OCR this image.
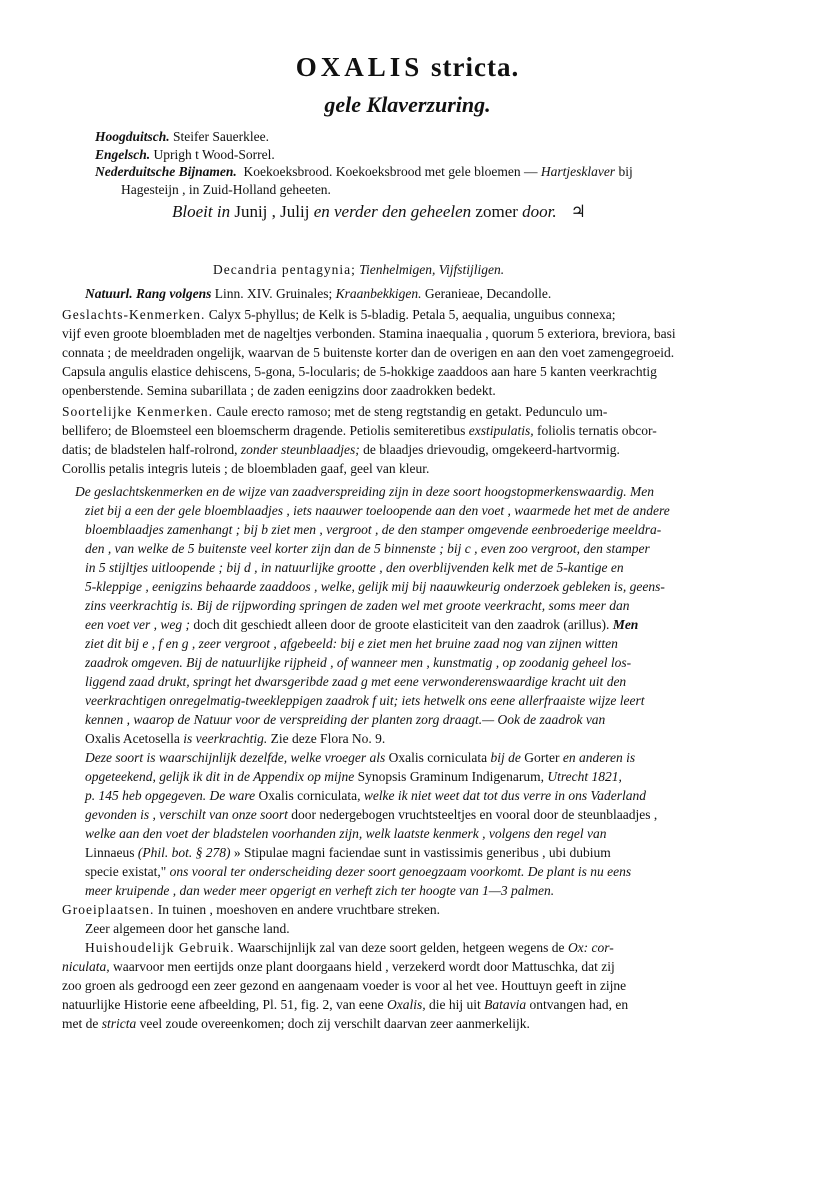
OXALIS stricta.
gele Klaverzuring.
Hoogduitsch. Steifer Sauerklee.
Engelsch. Uprigh t Wood-Sorrel.
Nederduitsche Bijnamen. Koekoeksbrood. Koekoeksbrood met gele bloemen — Hartjesklaver bij
Hagesteijn , in Zuid-Holland geheeten.
Bloeit in Junij , Julij en verder den geheelen zomer door. ♃
Decandria pentagynia; Tienhelmigen, Vijfstijligen.
Natuurl. Rang volgens Linn. XIV. Gruinales; Kraanbekkigen. Geranieae, Decandolle.
Geslachts-Kenmerken. Calyx 5-phyllus; de Kelk is 5-bladig. Petala 5, aequalia, unguibus connexa;
vijf even groote bloembladen met de nageltjes verbonden. Stamina inaequalia , quorum 5 exteriora, breviora, basi
connata ; de meeldraden ongelijk, waarvan de 5 buitenste korter dan de overigen en aan den voet zamengegroeid.
Capsula angulis elastice dehiscens, 5-gona, 5-locularis; de 5-hokkige zaaddoos aan hare 5 kanten veerkrachtig
openberstende. Semina subarillata ; de zaden eenigzins door zaadrokken bedekt.
Soortelijke Kenmerken. Caule erecto ramoso; met de steng regtstandig en getakt. Pedunculo um-
bellifero; de Bloemsteel een bloemscherm dragende. Petiolis semiteretibus exstipulatis, foliolis ternatis obcor-
datis; de bladstelen half-rolrond, zonder steunblaadjes; de blaadjes drievoudig, omgekeerd-hartvormig.
Corollis petalis integris luteis ; de bloembladen gaaf, geel van kleur.
De geslachtskenmerken en de wijze van zaadverspreiding zijn in deze soort hoogstopmerkenswaardig. Men
ziet bij a een der gele bloemblaadjes , iets naauwer toeloopende aan den voet , waarmede het met de andere
bloemblaadjes zamenhangt ; bij b ziet men , vergroot , de den stamper omgevende eenbroederige meeldra-
den , van welke de 5 buitenste veel korter zijn dan de 5 binnenste ; bij c , even zoo vergroot, den stamper
in 5 stijltjes uitloopende ; bij d , in natuurlijke grootte , den overblijvenden kelk met de 5-kantige en
5-kleppige , eenigzins behaarde zaaddoos , welke, gelijk mij bij naauwkeurig onderzoek gebleken is, geens-
zins veerkrachtig is. Bij de rijpwording springen de zaden wel met groote veerkracht, soms meer dan
een voet ver , weg ; doch dit geschiedt alleen door de groote elasticiteit van den zaadrok (arillus). Men
ziet dit bij e , f en g , zeer vergroot , afgebeeld: bij e ziet men het bruine zaad nog van zijnen witten
zaadrok omgeven. Bij de natuurlijke rijpheid , of wanneer men , kunstmatig , op zoodanig geheel los-
liggend zaad drukt, springt het dwarsgeribde zaad g met eene verwonderenswaardige kracht uit den
veerkrachtigen onregelmatig-tweekleppigen zaadrok f uit; iets hetwelk ons eene allerfraaiste wijze leert
kennen , waarop de Natuur voor de verspreiding der planten zorg draagt.— Ook de zaadrok van
Oxalis Acetosella is veerkrachtig. Zie deze Flora No. 9.
Deze soort is waarschijnlijk dezelfde, welke vroeger als Oxalis corniculata bij de Gorter en anderen is
opgeteekend, gelijk ik dit in de Appendix op mijne Synopsis Graminum Indigenarum, Utrecht 1821,
p. 145 heb opgegeven. De ware Oxalis corniculata, welke ik niet weet dat tot dus verre in ons Vaderland
gevonden is , verschilt van onze soort door nedergebogen vruchtsteeltjes en vooral door de steunblaadjes ,
welke aan den voet der bladstelen voorhanden zijn, welk laatste kenmerk , volgens den regel van
Linnaeus (Phil. bot. § 278) » Stipulae magni faciendae sunt in vastissimis generibus , ubi dubium
specie existat," ons vooral ter onderscheiding dezer soort genoegzaam voorkomt. De plant is nu eens
meer kruipende , dan weder meer opgerigt en verheft zich ter hoogte van 1—3 palmen.
Groeiplaatsen. In tuinen , moeshoven en andere vruchtbare streken.
Zeer algemeen door het gansche land.
Huishoudelijk Gebruik. Waarschijnlijk zal van deze soort gelden, hetgeen wegens de Ox: cor-
niculata, waarvoor men eertijds onze plant doorgaans hield , verzekerd wordt door Mattuschka, dat zij
zoo groen als gedroogd een zeer gezond en aangenaam voeder is voor al het vee. Houttuyn geeft in zijne
natuurlijke Historie eene afbeelding, Pl. 51, fig. 2, van eene Oxalis, die hij uit Batavia ontvangen had, en
met de stricta veel zoude overeenkomen; doch zij verschilt daarvan zeer aanmerkelijk.
